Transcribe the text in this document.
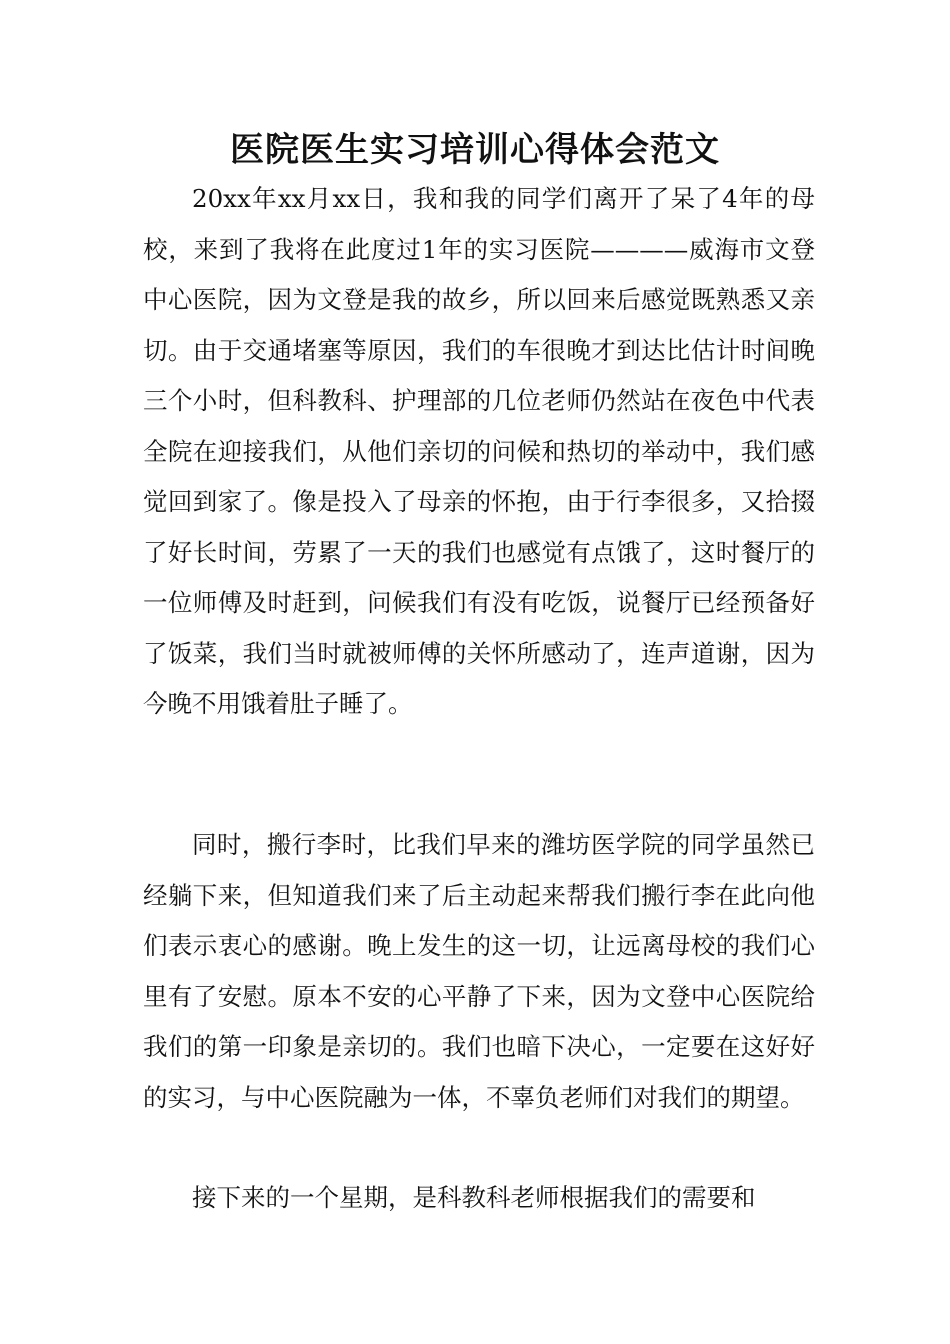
医院医生实习培训心得体会范文

20xx年xx月xx日，我和我的同学们离开了呆了4年的母校，来到了我将在此度过1年的实习医院————威海市文登中心医院，因为文登是我的故乡，所以回来后感觉既熟悉又亲切。由于交通堵塞等原因，我们的车很晚才到达比估计时间晚三个小时，但科教科、护理部的几位老师仍然站在夜色中代表全院在迎接我们，从他们亲切的问候和热切的举动中，我们感觉回到家了。像是投入了母亲的怀抱，由于行李很多，又拾掇了好长时间，劳累了一天的我们也感觉有点饿了，这时餐厅的一位师傅及时赶到，问候我们有没有吃饭，说餐厅已经预备好了饭菜，我们当时就被师傅的关怀所感动了，连声道谢，因为今晚不用饿着肚子睡了。

同时，搬行李时，比我们早来的潍坊医学院的同学虽然已经躺下来，但知道我们来了后主动起来帮我们搬行李在此向他们表示衷心的感谢。晚上发生的这一切，让远离母校的我们心里有了安慰。原本不安的心平静了下来，因为文登中心医院给我们的第一印象是亲切的。我们也暗下决心，一定要在这好好的实习，与中心医院融为一体，不辜负老师们对我们的期望。

接下来的一个星期，是科教科老师根据我们的需要和
